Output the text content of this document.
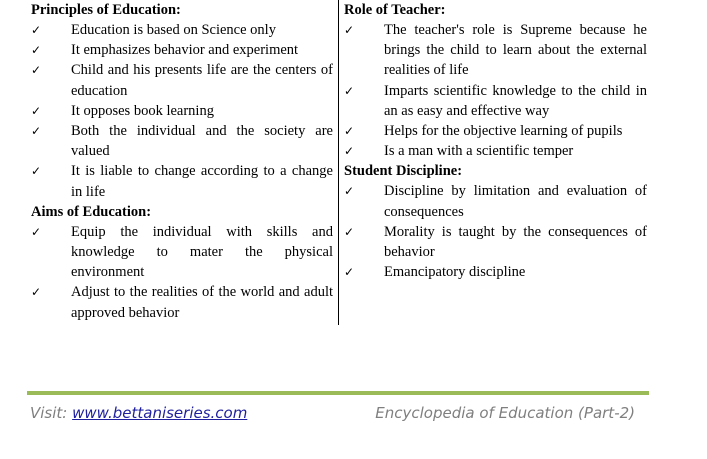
Principles of Education:
✓ Education is based on Science only
✓ It emphasizes behavior and experiment
✓ Child and his presents life are the centers of education
✓ It opposes book learning
✓ Both the individual and the society are valued
✓ It is liable to change according to a change in life
Aims of Education:
✓ Equip the individual with skills and knowledge to mater the physical environment
✓ Adjust to the realities of the world and adult approved behavior
Role of Teacher:
✓ The teacher's role is Supreme because he brings the child to learn about the external realities of life
✓ Imparts scientific knowledge to the child in an as easy and effective way
✓ Helps for the objective learning of pupils
✓ Is a man with a scientific temper
Student Discipline:
✓ Discipline by limitation and evaluation of consequences
✓ Morality is taught by the consequences of behavior
✓ Emancipatory discipline
Visit: www.bettaniseries.com	Encyclopedia of Education (Part-2)
